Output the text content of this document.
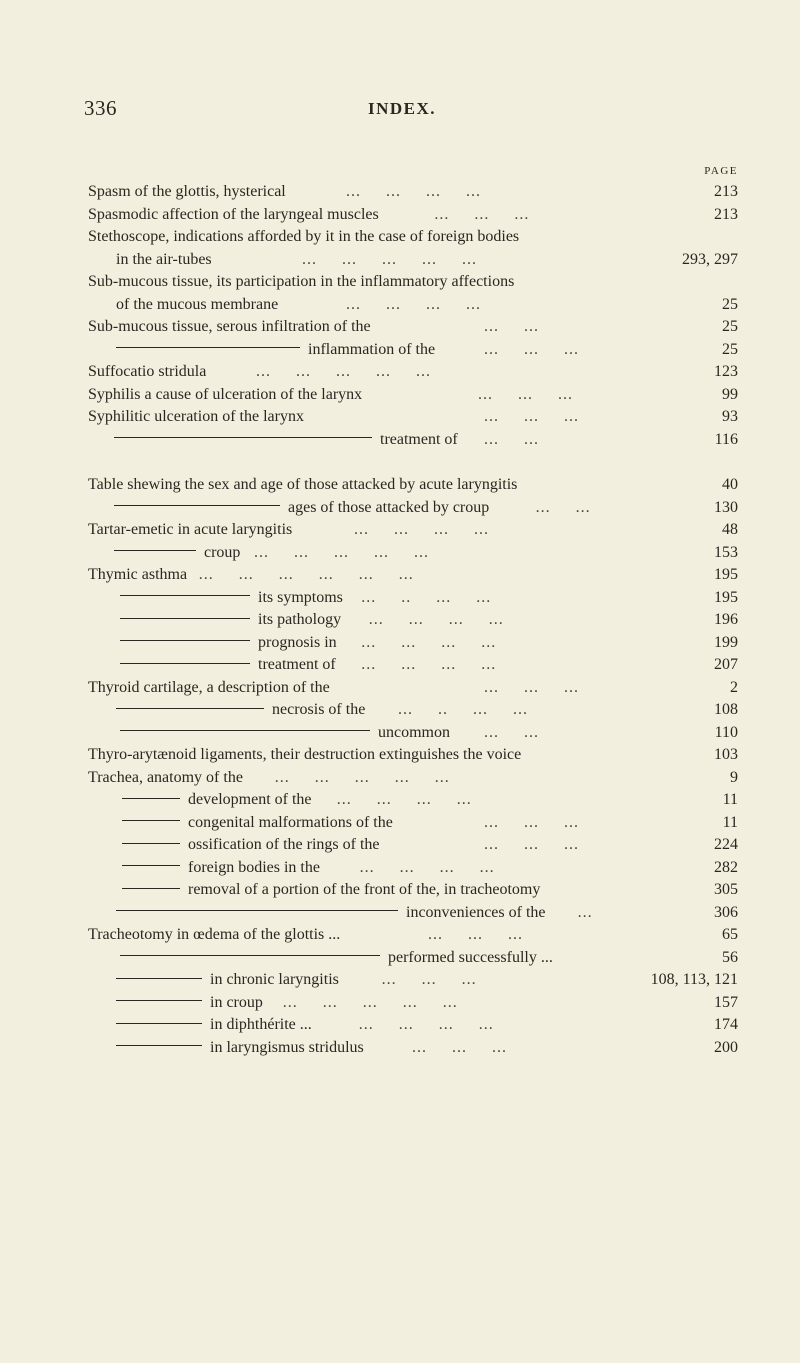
336	INDEX.
PAGE
Spasm of the glottis, hysterical	...     ...     ...     ...	213
Spasmodic affection of the laryngeal muscles	...     ...     ...	213
Stethoscope, indications afforded by it in the case of foreign bodies
in the air-tubes	...     ...     ...     ...     ...	293, 297
Sub-mucous tissue, its participation in the inflammatory affections
of the mucous membrane	...     ...     ...     ...	25
Sub-mucous tissue, serous infiltration of the	...     ...	25
inflammation of the	...     ...     ...	25
Suffocatio stridula	...     ...     ...     ...     ...	123
Syphilis a cause of ulceration of the larynx	...     ...     ...	99
Syphilitic ulceration of the larynx	...     ...     ...	93
treatment of ...     ...	116
Table shewing the sex and age of those attacked by acute laryngitis	40
ages of those attacked by croup	...     ...	130
Tartar-emetic in acute laryngitis	...     ...     ...     ...	48
croup ...     ...     ...     ...     ...	153
Thymic asthma ...     ...     ...     ...     ...     ...	195
its symptoms ...     ..     ...     ...	195
its pathology ...     ...     ...     ...	196
prognosis in ...     ...     ...     ...	199
treatment of ...     ...     ...     ...	207
Thyroid cartilage, a description of the	...     ...     ...	2
necrosis of the ...     ..     ...     ...	108
uncommon ...     ...	110
Thyro-arytænoid ligaments, their destruction extinguishes the voice	103
Trachea, anatomy of the ...     ...     ...     ...     ...	9
development of the ...     ...     ...     ...	11
congenital malformations of the	...     ...     ...	11
ossification of the rings of the	...     ...     ...	224
foreign bodies in the ...     ...     ...     ...	282
removal of a portion of the front of the, in tracheotomy	305
inconveniences of the ...	306
Tracheotomy in œdema of the glottis ...	...     ...     ...	65
performed successfully ...	56
in chronic laryngitis	...     ...     ...	108, 113, 121
in croup ...     ...     ...     ...     ...	157
in diphthérite ...	...     ...     ...     ...	174
in laryngismus stridulus	...     ...     ...	200
